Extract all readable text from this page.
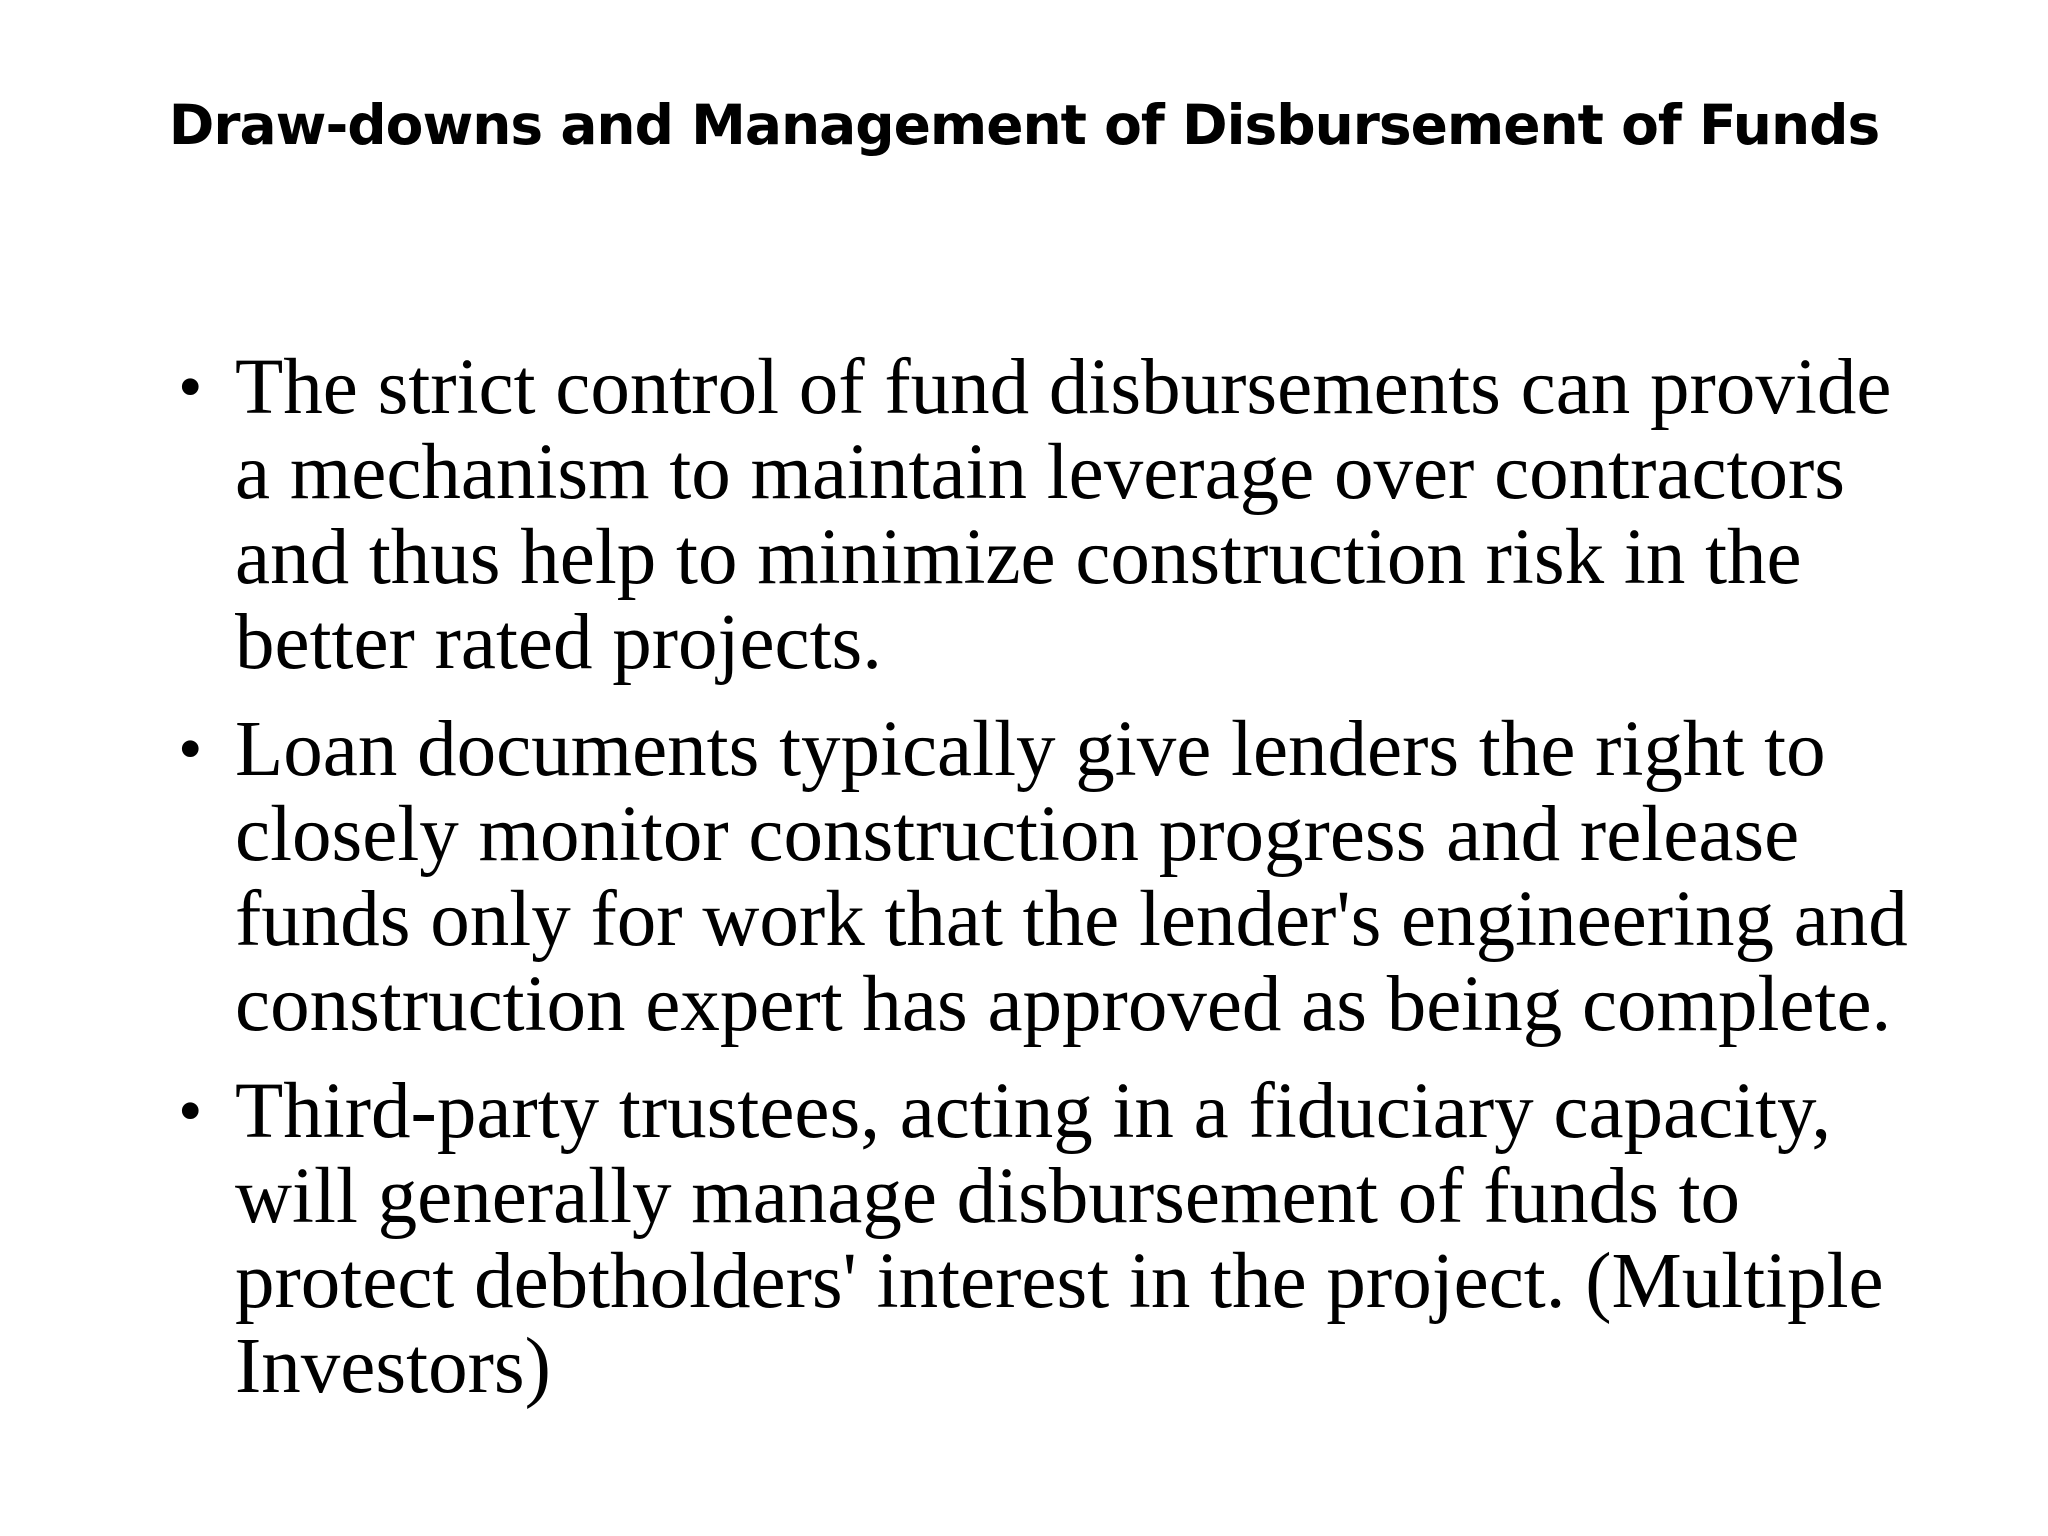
Draw-downs and Management of Disbursement of Funds
• The strict control of fund disbursements can provide a mechanism to maintain leverage over contractors and thus help to minimize construction risk in the better rated projects.
• Loan documents typically give lenders the right to closely monitor construction progress and release funds only for work that the lender's engineering and construction expert has approved as being complete.
• Third-party trustees, acting in a fiduciary capacity, will generally manage disbursement of funds to protect debtholders' interest in the project. (Multiple Investors)
